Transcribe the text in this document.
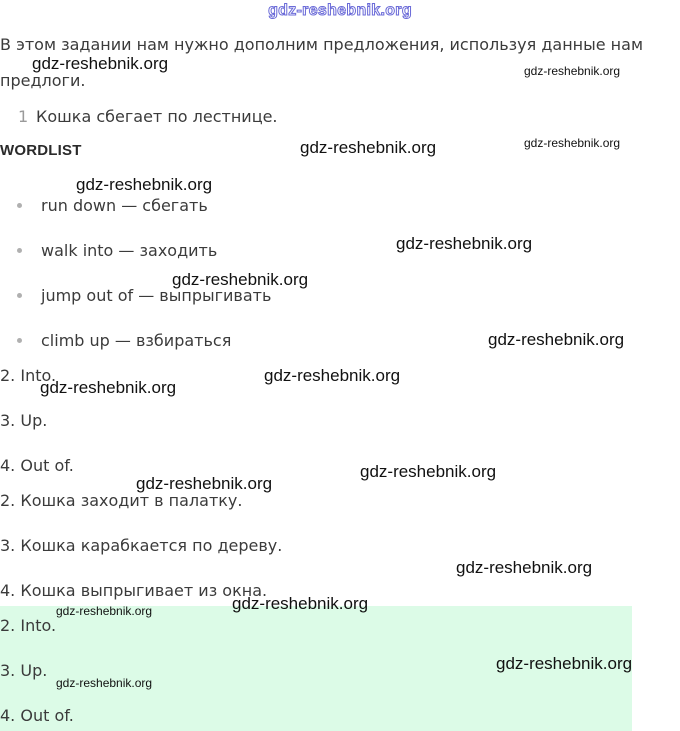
gdz-reshebnik.org
В этом задании нам нужно дополним предложения, используя данные нам
предлоги.
1 Кошка сбегает по лестнице.
WORDLIST
run down — сбегать
walk into — заходить
jump out of — выпрыгивать
climb up — взбираться
2. Into.
3. Up.
4. Out of.
2. Кошка заходит в палатку.
3. Кошка карабкается по дереву.
4. Кошка выпрыгивает из окна.
2. Into.
3. Up.
4. Out of.
gdz-reshebnik.org	gdz-reshebnik.org
gdz-reshebnik.org	gdz-reshebnik.org
gdz-reshebnik.org
gdz-reshebnik.org
gdz-reshebnik.org
gdz-reshebnik.org
gdz-reshebnik.org
gdz-reshebnik.org
gdz-reshebnik.org
gdz-reshebnik.org
gdz-reshebnik.org
gdz-reshebnik.org
gdz-reshebnik.org
gdz-reshebnik.org
gdz-reshebnik.org
